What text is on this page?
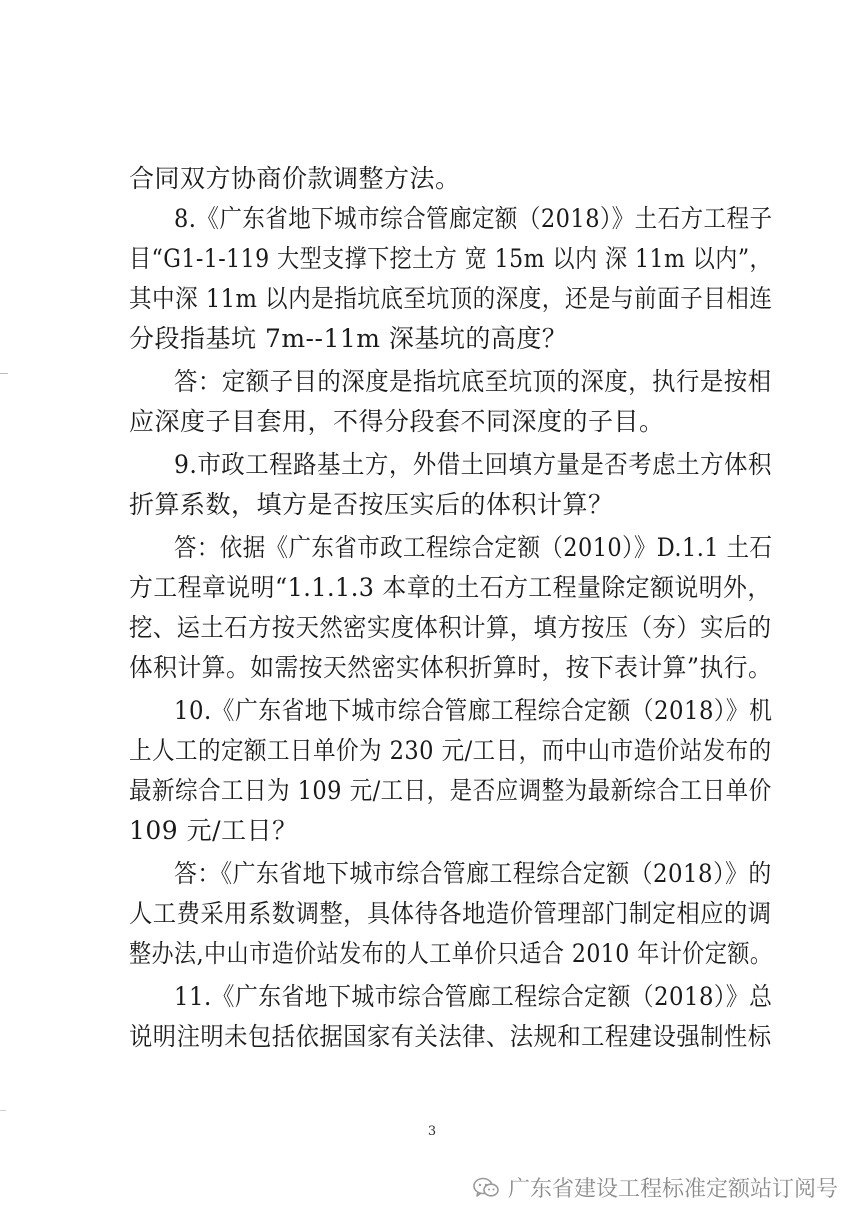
合同双方协商价款调整方法。
8.《广东省地下城市综合管廊定额（2018）》土石方工程子
目“G1-1-119 大型支撑下挖土方 宽 15m 以内 深 11m 以内”，
其中深 11m 以内是指坑底至坑顶的深度，还是与前面子目相连
分段指基坑 7m--11m 深基坑的高度？
答：定额子目的深度是指坑底至坑顶的深度，执行是按相
应深度子目套用，不得分段套不同深度的子目。
9.市政工程路基土方，外借土回填方量是否考虑土方体积
折算系数，填方是否按压实后的体积计算？
答：依据《广东省市政工程综合定额（2010）》D.1.1 土石
方工程章说明“1.1.1.3 本章的土石方工程量除定额说明外，
挖、运土石方按天然密实度体积计算，填方按压（夯）实后的
体积计算。如需按天然密实体积折算时，按下表计算”执行。
10.《广东省地下城市综合管廊工程综合定额（2018）》机
上人工的定额工日单价为 230 元/工日，而中山市造价站发布的
最新综合工日为 109 元/工日，是否应调整为最新综合工日单价
109 元/工日？
答：《广东省地下城市综合管廊工程综合定额（2018）》的
人工费采用系数调整，具体待各地造价管理部门制定相应的调
整办法,中山市造价站发布的人工单价只适合 2010 年计价定额。
11.《广东省地下城市综合管廊工程综合定额（2018）》总
说明注明未包括依据国家有关法律、法规和工程建设强制性标
3
广东省建设工程标准定额站订阅号
